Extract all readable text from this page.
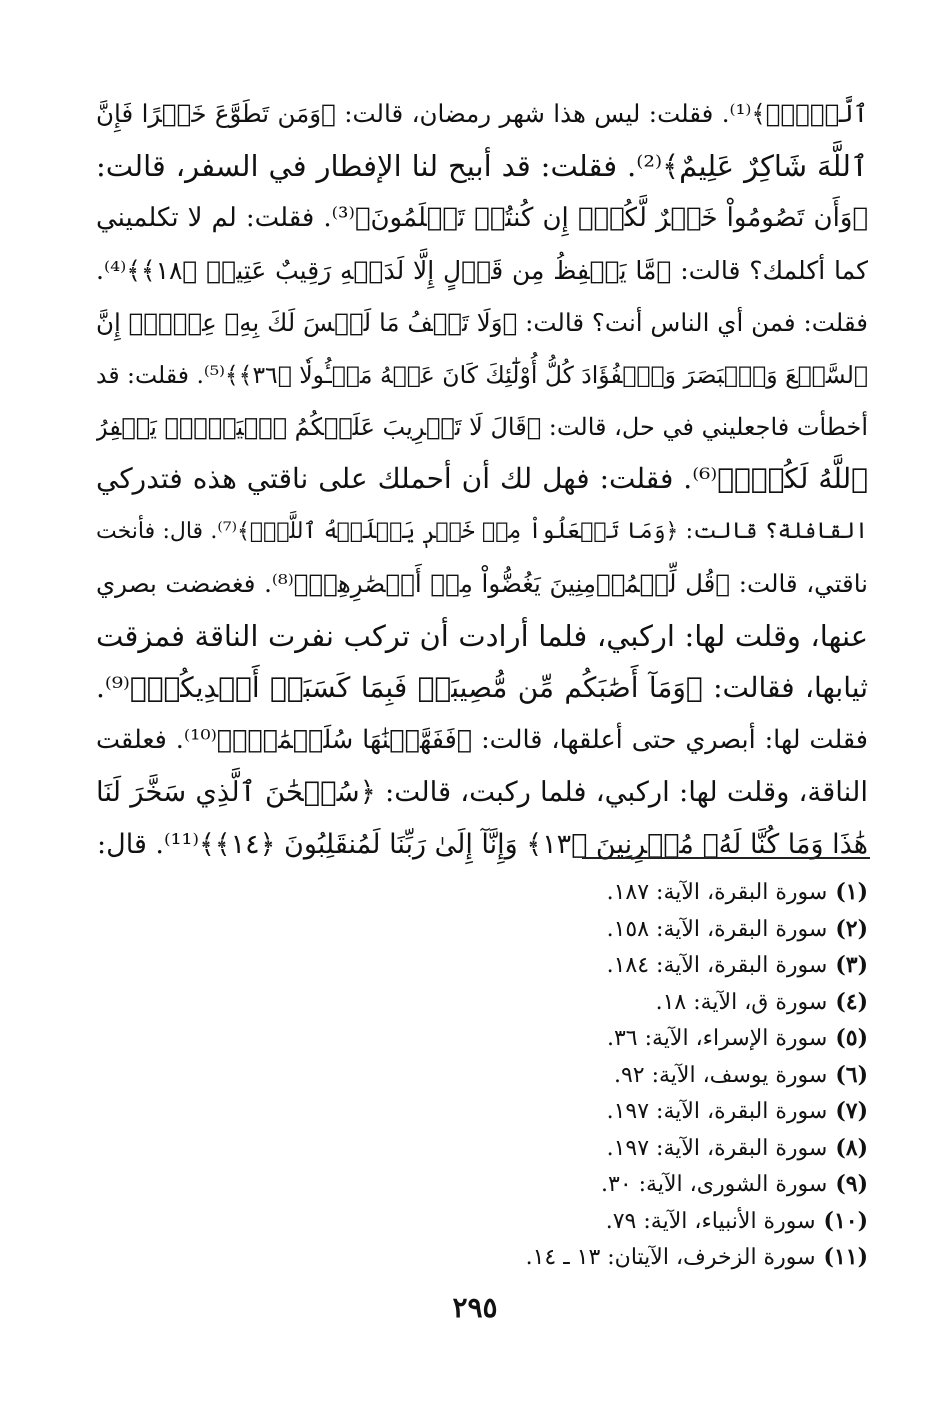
ٱلَّيۡلِۚ﴾⁽¹⁾. فقلت: ليس هذا شهر رمضان، قالت: ﴿وَمَن تَطَوَّعَ خَيۡرًا فَإِنَّ
ٱللَّهَ شَاكِرٌ عَلِيمٌ﴾⁽²⁾. فقلت: قد أبيح لنا الإفطار في السفر، قالت:
﴿وَأَن تَصُومُواْ خَيۡرٌ لَّكُمۡۖ إِن كُنتُمۡ تَعۡلَمُونَ﴾⁽³⁾. فقلت: لم لا تكلميني
كما أكلمك؟ قالت: ﴿مَّا يَلۡفِظُ مِن قَوۡلٍ إِلَّا لَدَيۡهِ رَقِيبٌ عَتِيدٞ ﴿١٨﴾﴾⁽⁴⁾.
فقلت: فمن أي الناس أنت؟ قالت: ﴿وَلَا تَقۡفُ مَا لَيۡسَ لَكَ بِهِۦ عِلۡمٌۚ إِنَّ
ٱلسَّمۡعَ وَٱلۡبَصَرَ وَٱلۡفُؤَادَ كُلُّ أُوْلَٰٓئِكَ كَانَ عَنۡهُ مَسۡـُٔولٗا ﴿٣٦﴾﴾⁽⁵⁾. فقلت: قد
أخطأت فاجعليني في حل، قالت: ﴿قَالَ لَا تَثۡرِيبَ عَلَيۡكُمُ ٱلۡيَوۡمَۖ يَغۡفِرُ
ٱللَّهُ لَكُمۡۖ﴾⁽⁶⁾. فقلت: فهل لك أن أحملك على ناقتي هذه فتدركي
القافلة؟ قالت: ﴿وَمَا تَفۡعَلُواْ مِنۡ خَيۡرٖ يَعۡلَمۡهُ ٱللَّهُۗ﴾⁽⁷⁾. قال: فأنخت
ناقتي، قالت: ﴿قُل لِّلۡمُؤۡمِنِينَ يَغُضُّواْ مِنۡ أَبۡصَٰرِهِمۡ﴾⁽⁸⁾. فغضضت بصري
عنها، وقلت لها: اركبي، فلما أرادت أن تركب نفرت الناقة فمزقت
ثيابها، فقالت: ﴿وَمَآ أَصَٰبَكُم مِّن مُّصِيبَةٖ فَبِمَا كَسَبَتۡ أَيۡدِيكُمۡ﴾⁽⁹⁾.
فقلت لها: أبصري حتى أعلقها، قالت: ﴿فَفَهَّمۡنَٰهَا سُلَيۡمَٰنَۚ﴾⁽¹⁰⁾. فعلقت
الناقة، وقلت لها: اركبي، فلما ركبت، قالت: ﴿سُبۡحَٰنَ ٱلَّذِي سَخَّرَ لَنَا
هَٰذَا وَمَا كُنَّا لَهُۥ مُقۡرِنِينَ ﴿١٣﴾ وَإِنَّآ إِلَىٰ رَبِّنَا لَمُنقَلِبُونَ ﴿١٤﴾﴾⁽¹¹⁾. قال:
(١)سورة البقرة، الآية: ١٨٧.
(٢)سورة البقرة، الآية: ١٥٨.
(٣)سورة البقرة، الآية: ١٨٤.
(٤)سورة ق، الآية: ١٨.
(٥)سورة الإسراء، الآية: ٣٦.
(٦)سورة يوسف، الآية: ٩٢.
(٧)سورة البقرة، الآية: ١٩٧.
(٨)سورة البقرة، الآية: ١٩٧.
(٩)سورة الشورى، الآية: ٣٠.
(١٠)سورة الأنبياء، الآية: ٧٩.
(١١)سورة الزخرف، الآيتان: ١٣ ـ ١٤.
٢٩٥
